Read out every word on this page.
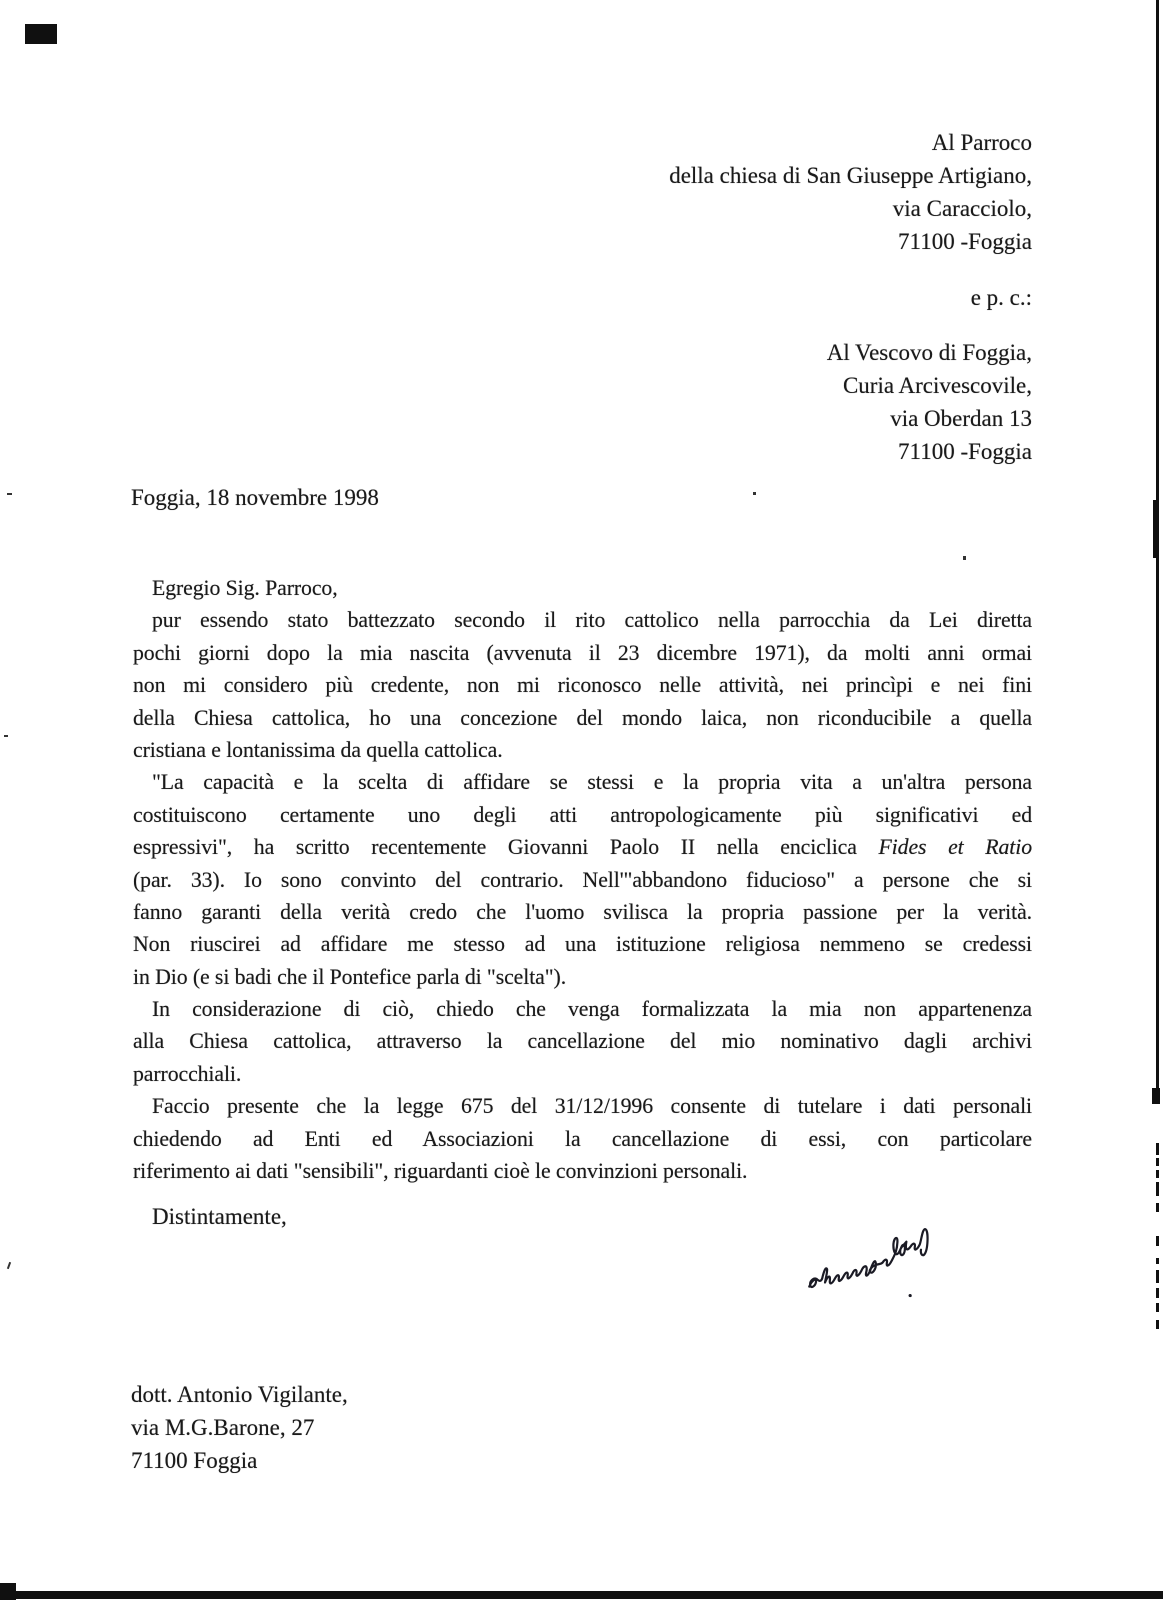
Al Parroco
della chiesa di San Giuseppe Artigiano,
via Caracciolo,
71100 -Foggia
e p. c.:
Al Vescovo di Foggia,
Curia Arcivescovile,
via Oberdan 13
71100 -Foggia
Foggia, 18 novembre 1998
Egregio Sig. Parroco,
pur essendo stato battezzato secondo il rito cattolico nella parrocchia da Lei diretta
pochi giorni dopo la mia nascita (avvenuta il 23 dicembre 1971), da molti anni ormai
non mi considero più credente, non mi riconosco nelle attività, nei princìpi e nei fini
della Chiesa cattolica, ho una concezione del mondo laica, non riconducibile a quella
cristiana e lontanissima da quella cattolica.
"La capacità e la scelta di affidare se stessi e la propria vita a un'altra persona
costituiscono certamente uno degli atti antropologicamente più significativi ed
espressivi", ha scritto recentemente Giovanni Paolo II nella enciclica Fides et Ratio
(par. 33). Io sono convinto del contrario. Nell'"abbandono fiducioso" a persone che si
fanno garanti della verità credo che l'uomo svilisca la propria passione per la verità.
Non riuscirei ad affidare me stesso ad una istituzione religiosa nemmeno se credessi
in Dio (e si badi che il Pontefice parla di "scelta").
In considerazione di ciò, chiedo che venga formalizzata la mia non appartenenza
alla Chiesa cattolica, attraverso la cancellazione del mio nominativo dagli archivi
parrocchiali.
Faccio presente che la legge 675 del 31/12/1996 consente di tutelare i dati personali
chiedendo ad Enti ed Associazioni la cancellazione di essi, con particolare
riferimento ai dati "sensibili", riguardanti cioè le convinzioni personali.
Distintamente,
dott. Antonio Vigilante,
via M.G.Barone, 27
71100 Foggia
